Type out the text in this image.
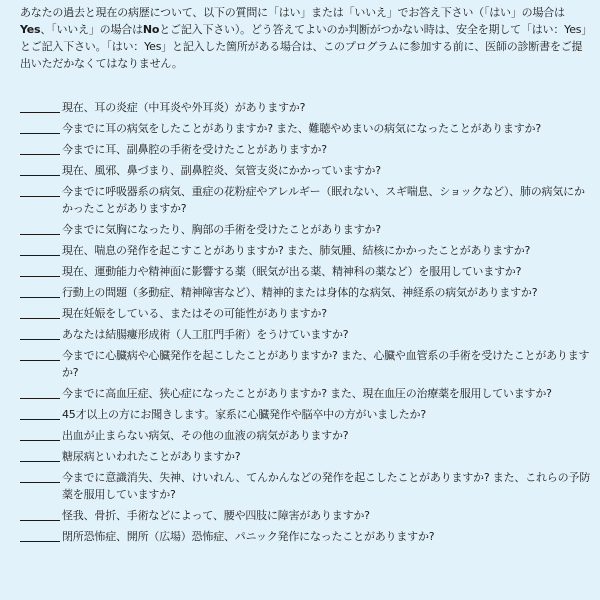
あなたの過去と現在の病歴について、以下の質問に「はい」または「いいえ」でお答え下さい（「はい」の場合はYes、「いいえ」の場合はNoとご記入下さい）。どう答えてよいのか判断がつかない時は、安全を期して「はい：Yes」とご記入下さい。「はい：Yes」と記入した箇所がある場合は、このプログラムに参加する前に、医師の診断書をご提出いただかなくてはなりません。

現在、耳の炎症（中耳炎や外耳炎）がありますか?
今までに耳の病気をしたことがありますか? また、難聴やめまいの病気になったことがありますか?
今までに耳、副鼻腔の手術を受けたことがありますか?
現在、風邪、鼻づまり、副鼻腔炎、気管支炎にかかっていますか?
今までに呼吸器系の病気、重症の花粉症やアレルギー（眠れない、スギ喘息、ショックなど）、肺の病気にかかったことがありますか?
今までに気胸になったり、胸部の手術を受けたことがありますか?
現在、喘息の発作を起こすことがありますか? また、肺気腫、結核にかかったことがありますか?
現在、運動能力や精神面に影響する薬（眠気が出る薬、精神科の薬など）を服用していますか?
行動上の問題（多動症、精神障害など）、精神的または身体的な病気、神経系の病気がありますか?
現在妊娠をしている、またはその可能性がありますか?
あなたは結腸瘻形成術（人工肛門手術）をうけていますか?
今までに心臓病や心臓発作を起こしたことがありますか? また、心臓や血管系の手術を受けたことがありますか?
今までに高血圧症、狭心症になったことがありますか? また、現在血圧の治療薬を服用していますか?
45才以上の方にお聞きします。家系に心臓発作や脳卒中の方がいましたか?
出血が止まらない病気、その他の血液の病気がありますか?
糖尿病といわれたことがありますか?
今までに意識消失、失神、けいれん、てんかんなどの発作を起こしたことがありますか? また、これらの予防薬を服用していますか?
怪我、骨折、手術などによって、腰や四肢に障害がありますか?
閉所恐怖症、開所（広場）恐怖症、パニック発作になったことがありますか?
